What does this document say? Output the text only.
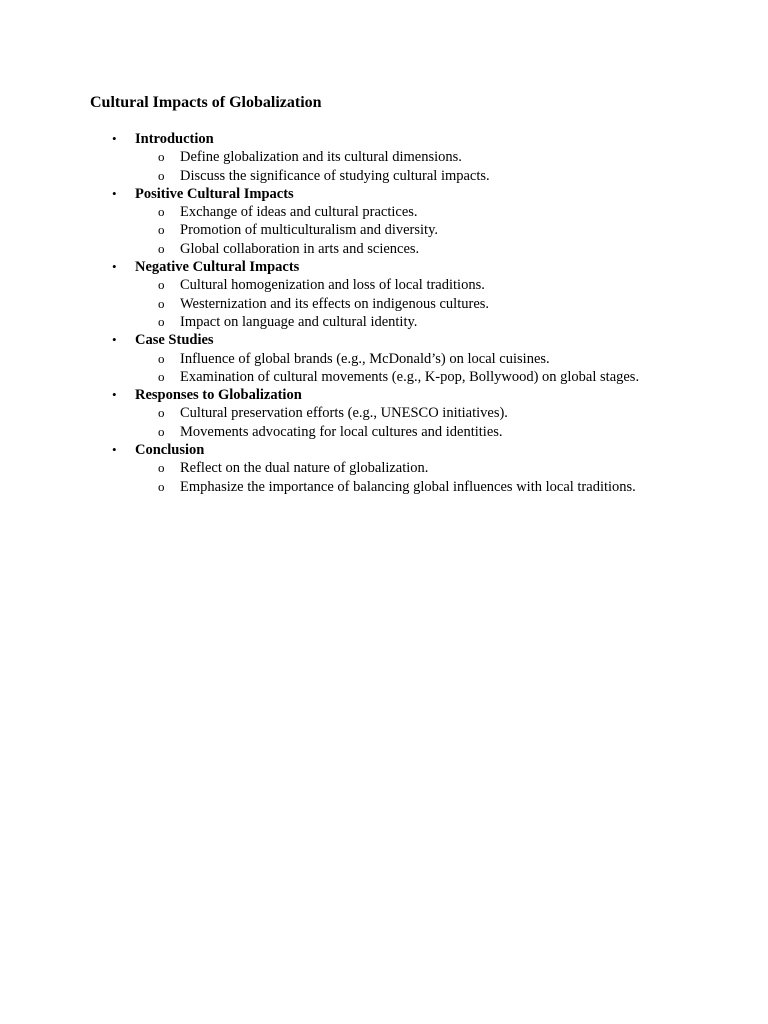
Cultural Impacts of Globalization
• Introduction
o Define globalization and its cultural dimensions.
o Discuss the significance of studying cultural impacts.
• Positive Cultural Impacts
o Exchange of ideas and cultural practices.
o Promotion of multiculturalism and diversity.
o Global collaboration in arts and sciences.
• Negative Cultural Impacts
o Cultural homogenization and loss of local traditions.
o Westernization and its effects on indigenous cultures.
o Impact on language and cultural identity.
• Case Studies
o Influence of global brands (e.g., McDonald’s) on local cuisines.
o Examination of cultural movements (e.g., K-pop, Bollywood) on global stages.
• Responses to Globalization
o Cultural preservation efforts (e.g., UNESCO initiatives).
o Movements advocating for local cultures and identities.
• Conclusion
o Reflect on the dual nature of globalization.
o Emphasize the importance of balancing global influences with local traditions.
